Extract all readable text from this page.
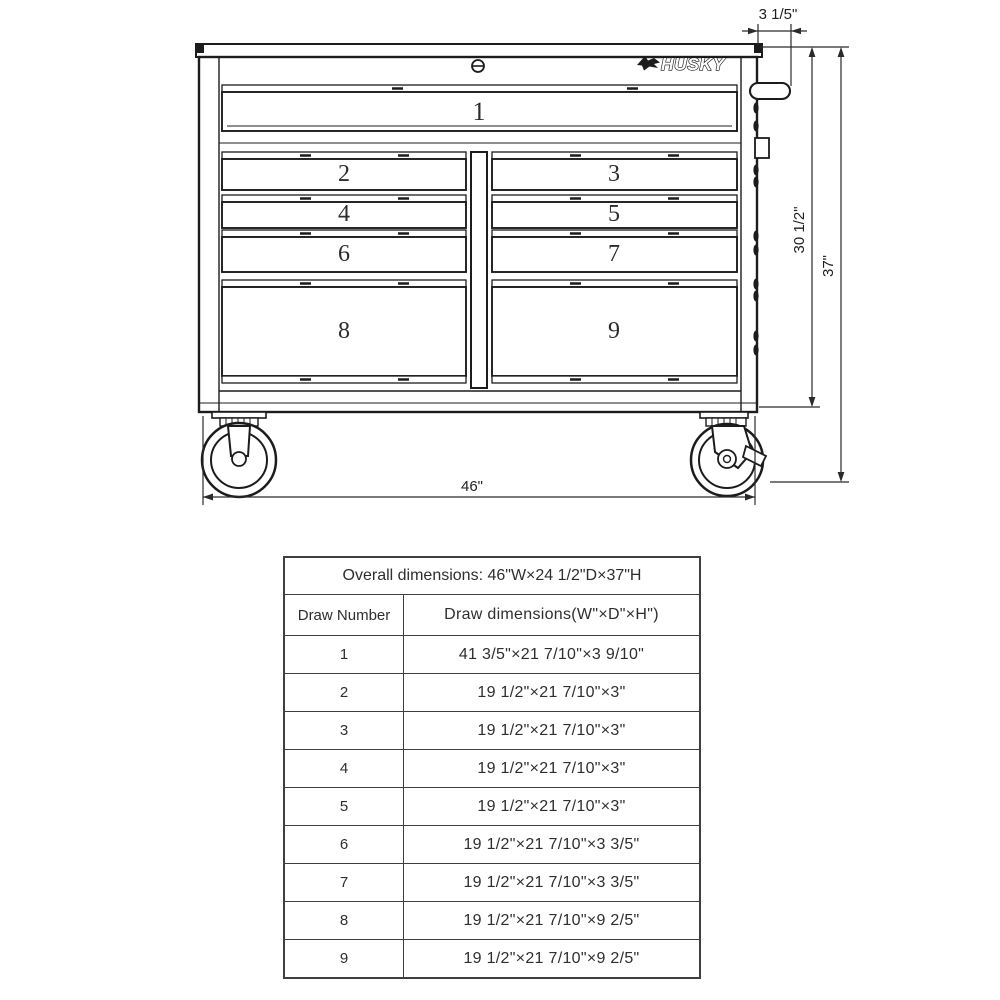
HUSKY
1
2
4
6
8
3
5
7
9
46"
3 1/5"
30 1/2"
37"
Overall dimensions: 46"W×24 1/2"D×37"H
Draw Number	Draw dimensions(W"×D"×H")
1	41 3/5"×21 7/10"×3 9/10"
2	19 1/2"×21 7/10"×3"
3	19 1/2"×21 7/10"×3"
4	19 1/2"×21 7/10"×3"
5	19 1/2"×21 7/10"×3"
6	19 1/2"×21 7/10"×3 3/5"
7	19 1/2"×21 7/10"×3 3/5"
8	19 1/2"×21 7/10"×9 2/5"
9	19 1/2"×21 7/10"×9 2/5"
